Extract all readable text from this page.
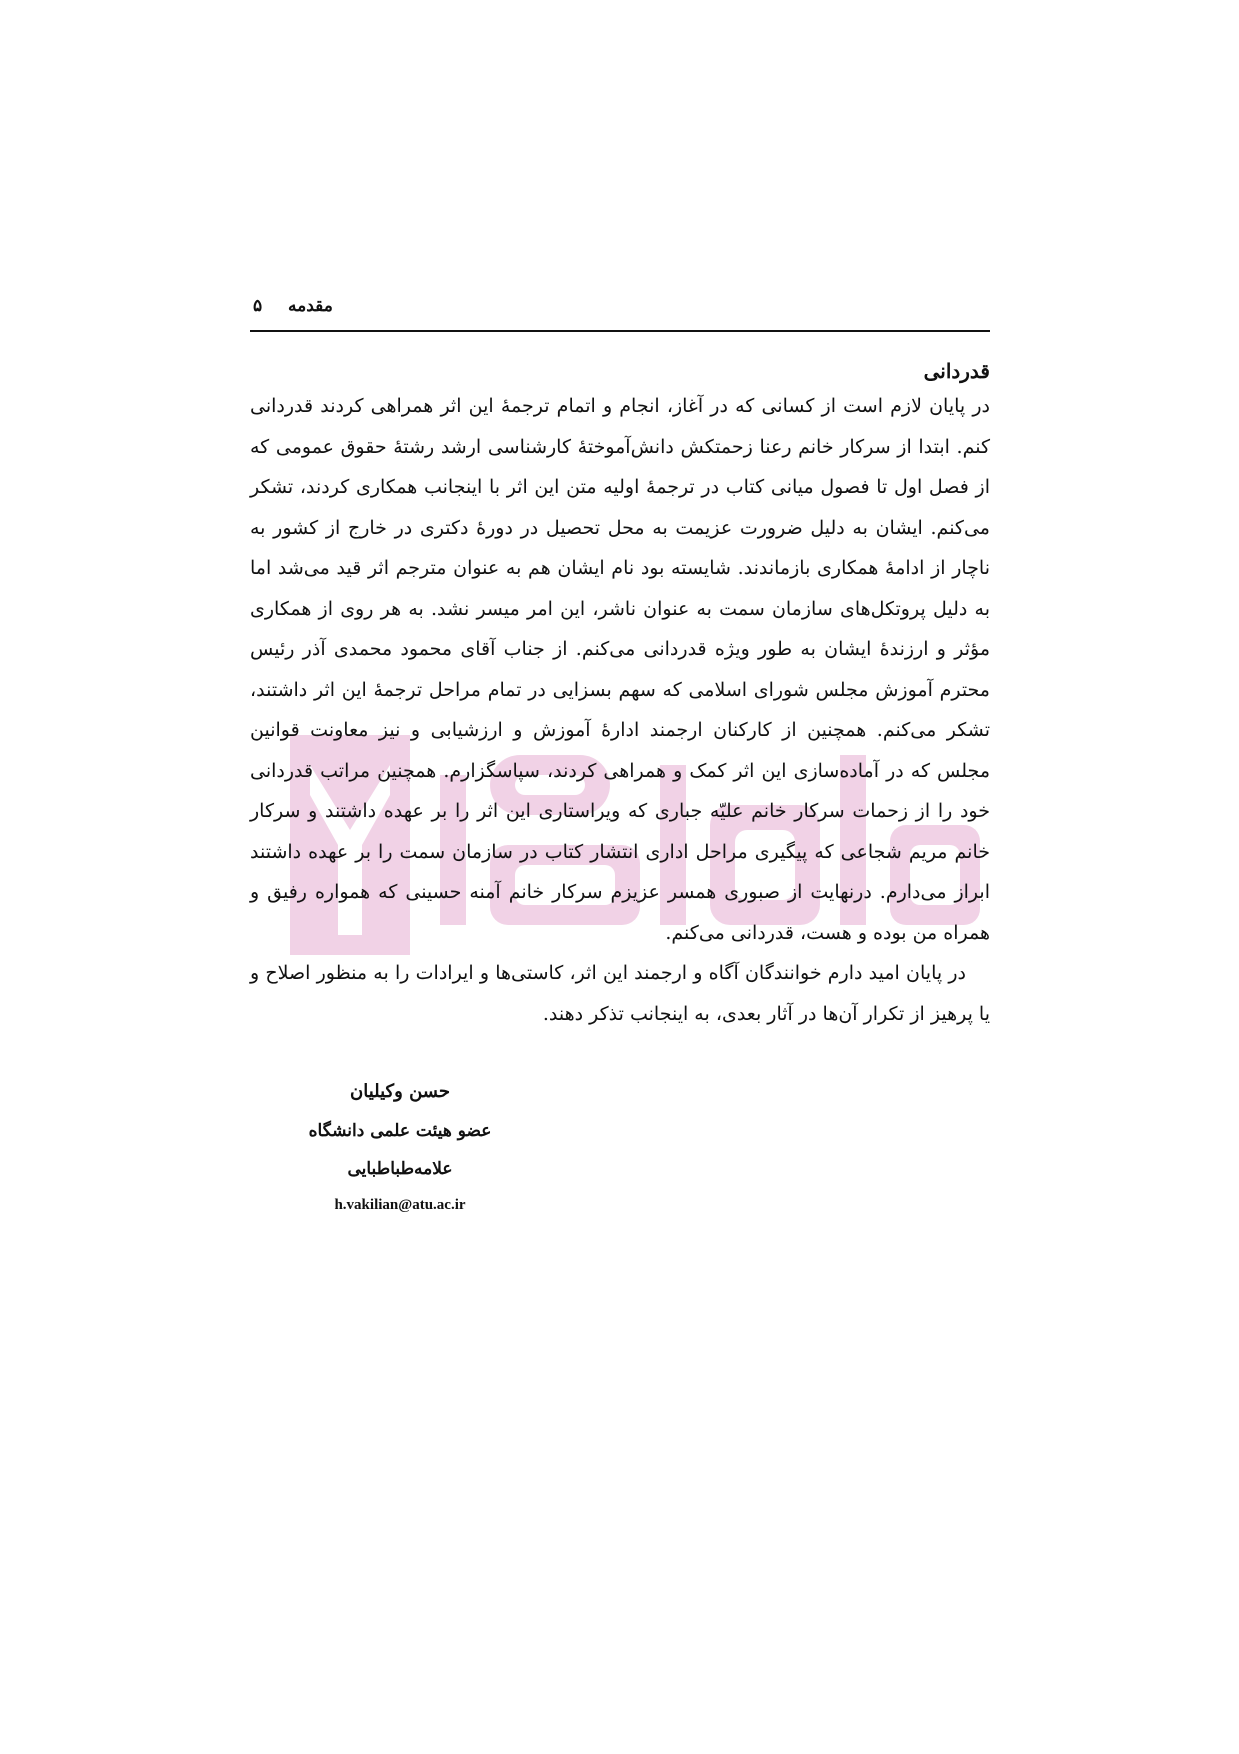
۵ مقدمه
قدردانی

در پایان لازم است از کسانی که در آغاز، انجام و اتمام ترجمهٔ این اثر همراهی کردند قدردانی کنم. ابتدا از سرکار خانم رعنا زحمتکش دانش‌آموختهٔ کارشناسی ارشد رشتهٔ حقوق عمومی که از فصل اول تا فصول میانی کتاب در ترجمهٔ اولیه متن این اثر با اینجانب همکاری کردند، تشکر می‌کنم. ایشان به دلیل ضرورت عزیمت به محل تحصیل در دورهٔ دکتری در خارج از کشور به ناچار از ادامهٔ همکاری بازماندند. شایسته بود نام ایشان هم به عنوان مترجم اثر قید می‌شد اما به دلیل پروتکل‌های سازمان سمت به عنوان ناشر، این امر میسر نشد. به هر روی از همکاری مؤثر و ارزندهٔ ایشان به طور ویژه قدردانی می‌کنم. از جناب آقای محمود محمدی آذر رئیس محترم آموزش مجلس شورای اسلامی که سهم بسزایی در تمام مراحل ترجمهٔ این اثر داشتند، تشکر می‌کنم. همچنین از کارکنان ارجمند ادارهٔ آموزش و ارزشیابی و نیز معاونت قوانین مجلس که در آماده‌سازی این اثر کمک و همراهی کردند، سپاسگزارم. همچنین مراتب قدردانی خود را از زحمات سرکار خانم علیّه جباری که ویراستاری این اثر را بر عهده داشتند و سرکار خانم مریم شجاعی که پیگیری مراحل اداری انتشار کتاب در سازمان سمت را بر عهده داشتند ابراز می‌دارم. درنهایت از صبوری همسر عزیزم سرکار خانم آمنه حسینی که همواره رفیق و همراه من بوده و هست، قدردانی می‌کنم.

در پایان امید دارم خوانندگان آگاه و ارجمند این اثر، کاستی‌ها و ایرادات را به منظور اصلاح و یا پرهیز از تکرار آن‌ها در آثار بعدی، به اینجانب تذکر دهند.

حسن وکیلیان
عضو هیئت علمی دانشگاه علامه‌طباطبایی
h.vakilian@atu.ac.ir
